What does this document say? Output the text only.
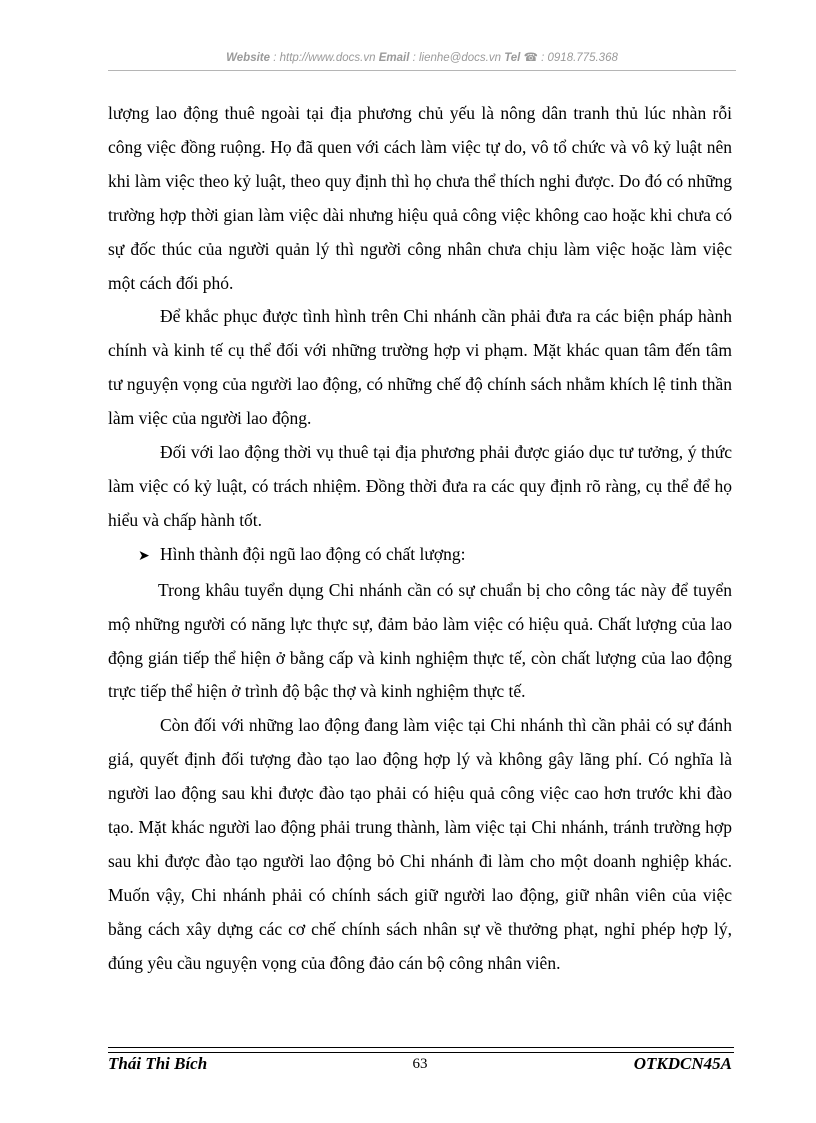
Website : http://www.docs.vn Email : lienhe@docs.vn Tel ☎ : 0918.775.368

lượng lao động thuê ngoài tại địa phương chủ yếu là nông dân tranh thủ lúc nhàn rỗi công việc đồng ruộng. Họ đã quen với cách làm việc tự do, vô tổ chức và vô kỷ luật nên khi làm việc theo kỷ luật, theo quy định thì họ chưa thể thích nghi được. Do đó có những trường hợp thời gian làm việc dài nhưng hiệu quả công việc không cao hoặc khi chưa có sự đốc thúc của người quản lý thì người công nhân chưa chịu làm việc hoặc làm việc một cách đối phó.

Để khắc phục được tình hình trên Chi nhánh cần phải đưa ra các biện pháp hành chính và kinh tế cụ thể đối với những trường hợp vi phạm. Mặt khác quan tâm đến tâm tư nguyện vọng của người lao động, có những chế độ chính sách nhằm khích lệ tinh thần làm việc của người lao động.

Đối với lao động thời vụ thuê tại địa phương phải được giáo dục tư tưởng, ý thức làm việc có kỷ luật, có trách nhiệm. Đồng thời đưa ra các quy định rõ ràng, cụ thể để họ hiểu và chấp hành tốt.

➤ Hình thành đội ngũ lao động có chất lượng:

Trong khâu tuyển dụng Chi nhánh cần có sự chuẩn bị cho công tác này để tuyển mộ những người có năng lực thực sự, đảm bảo làm việc có hiệu quả. Chất lượng của lao động gián tiếp thể hiện ở bằng cấp và kinh nghiệm thực tế, còn chất lượng của lao động trực tiếp thể hiện ở trình độ bậc thợ và kinh nghiệm thực tế.

Còn đối với những lao động đang làm việc tại Chi nhánh thì cần phải có sự đánh giá, quyết định đối tượng đào tạo lao động hợp lý và không gây lãng phí. Có nghĩa là người lao động sau khi được đào tạo phải có hiệu quả công việc cao hơn trước khi đào tạo. Mặt khác người lao động phải trung thành, làm việc tại Chi nhánh, tránh trường hợp sau khi được đào tạo người lao động bỏ Chi nhánh đi làm cho một doanh nghiệp khác. Muốn vậy, Chi nhánh phải có chính sách giữ người lao động, giữ nhân viên của việc bằng cách xây dựng các cơ chế chính sách nhân sự về thưởng phạt, nghỉ phép hợp lý, đúng yêu cầu nguyện vọng của đông đảo cán bộ công nhân viên.

Thái Thi Bích	63	OTKDCN45A
